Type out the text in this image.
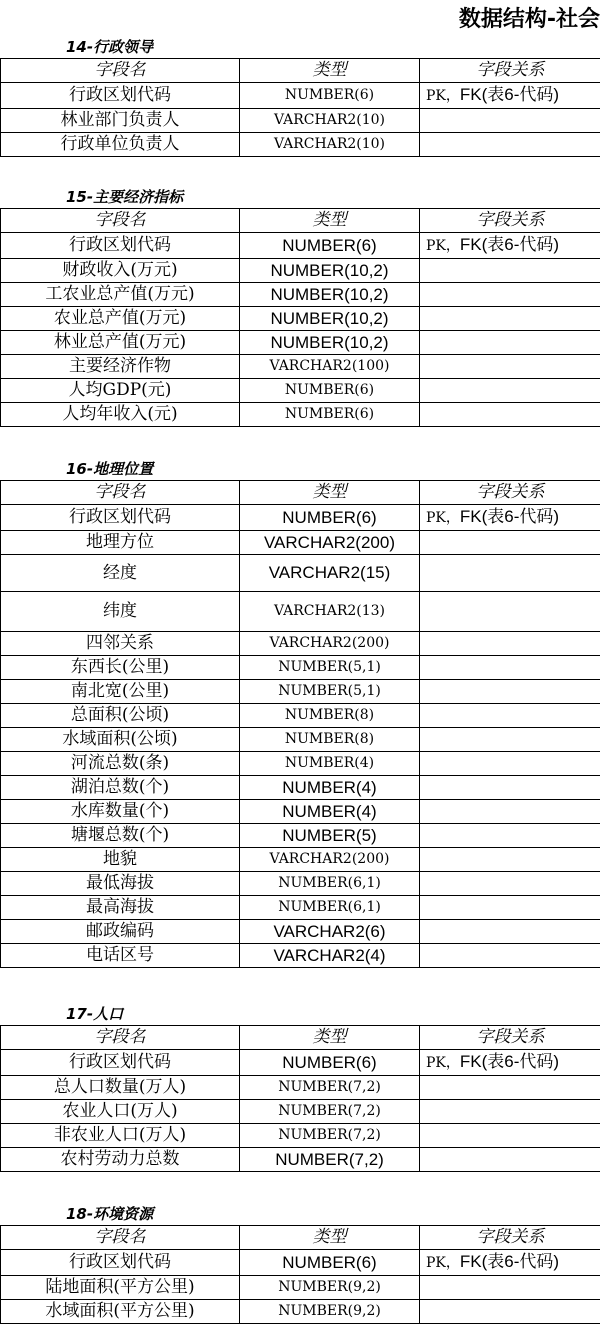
数据结构-社会
14-行政领导
字段名	类型	字段关系
行政区划代码	NUMBER(6)	PK，FK(表6-代码)
林业部门负责人	VARCHAR2(10)	
行政单位负责人	VARCHAR2(10)	
15-主要经济指标
字段名	类型	字段关系
行政区划代码	NUMBER(6)	PK，FK(表6-代码)
财政收入(万元)	NUMBER(10,2)	
工农业总产值(万元)	NUMBER(10,2)	
农业总产值(万元)	NUMBER(10,2)	
林业总产值(万元)	NUMBER(10,2)	
主要经济作物	VARCHAR2(100)	
人均GDP(元)	NUMBER(6)	
人均年收入(元)	NUMBER(6)	
16-地理位置
字段名	类型	字段关系
行政区划代码	NUMBER(6)	PK，FK(表6-代码)
地理方位	VARCHAR2(200)	
经度	VARCHAR2(15)	
纬度	VARCHAR2(13)	
四邻关系	VARCHAR2(200)	
东西长(公里)	NUMBER(5,1)	
南北宽(公里)	NUMBER(5,1)	
总面积(公顷)	NUMBER(8)	
水域面积(公顷)	NUMBER(8)	
河流总数(条)	NUMBER(4)	
湖泊总数(个)	NUMBER(4)	
水库数量(个)	NUMBER(4)	
塘堰总数(个)	NUMBER(5)	
地貌	VARCHAR2(200)	
最低海拔	NUMBER(6,1)	
最高海拔	NUMBER(6,1)	
邮政编码	VARCHAR2(6)	
电话区号	VARCHAR2(4)	
17-人口
字段名	类型	字段关系
行政区划代码	NUMBER(6)	PK，FK(表6-代码)
总人口数量(万人)	NUMBER(7,2)	
农业人口(万人)	NUMBER(7,2)	
非农业人口(万人)	NUMBER(7,2)	
农村劳动力总数	NUMBER(7,2)	
18-环境资源
字段名	类型	字段关系
行政区划代码	NUMBER(6)	PK，FK(表6-代码)
陆地面积(平方公里)	NUMBER(9,2)	
水域面积(平方公里)	NUMBER(9,2)	
